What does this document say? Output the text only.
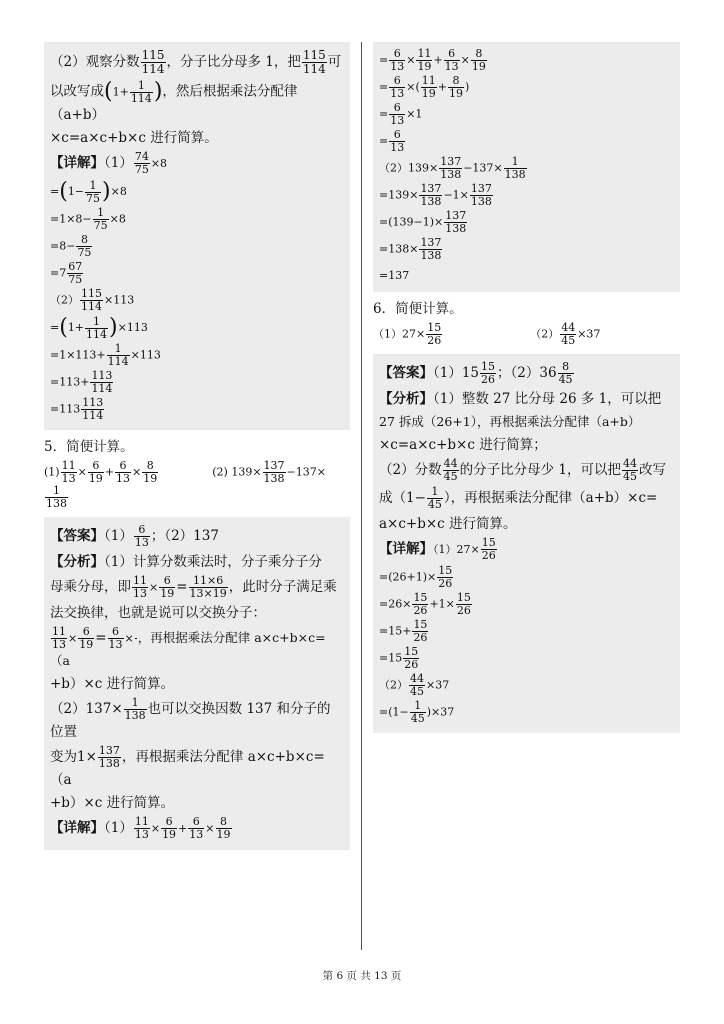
（2）观察分数 $\frac{115}{114}$ ，分子比分母多 1，把 $\frac{115}{114}$ 可
以改写成($1+ \frac{1}{114}$ )，然后根据乘法分配律（a+b）
×c=a×c+b×c 进行简算。
【详解】$(1) \frac{74}{75} \times 8$
$=(1- \frac{1}{75} )\times 8$
$=1\times 8- \frac{1}{75} \times 8$
$=8- \frac{8}{75}$
$=7 \frac{67}{75}$
$(2) \frac{115}{114} \times 113$
$=(1+ \frac{1}{114} )\times 113$
$=1\times 113+ \frac{1}{114} \times 113$
$=113+ \frac{113}{114}$
$=113 \frac{113}{114}$
5．简便计算。
$(1) \frac{11}{13} \times \frac{6}{19} + \frac{6}{13} \times \frac{8}{19}$	(2) $139\times \frac{137}{138} -137\times$
$\frac{1}{138}$
【答案】$(1) \frac{6}{13}$ ；（2）137
【分析】（1）计算分数乘法时，分子乘分子分
母乘分母，即 $\frac{11}{13} \times \frac{6}{19} = \frac{11\times 6}{13\times 19}$ ，此时分子满足乘
法交换律，也就是说可以交换分子：
$\frac{11}{13} \times \frac{6}{19} = \frac{6}{13}$ × ，再根据乘法分配律 a×c+b×c=（a
+b）×c 进行简算。
$(2)137\times \frac{1}{138}$ 也可以交换因数 137 和分子的位置
变为$1\times \frac{137}{138}$ ，再根据乘法分配律 a×c+b×c=（a
+b）×c 进行简算。
【详解】$(1) \frac{11}{13} \times \frac{6}{19} + \frac{6}{13} \times \frac{8}{19}$
= $\frac{6}{13} \times \frac{11}{19} + \frac{6}{13} \times \frac{8}{19}$
= $\frac{6}{13}$ ×( $\frac{11}{19} + \frac{8}{19}$ )
= $\frac{6}{13} \times 1$
= $\frac{6}{13}$
$(2)139\times \frac{137}{138} -137\times \frac{1}{138}$
$=139\times \frac{137}{138} -1\times \frac{137}{138}$
$=(139-1)\times \frac{137}{138}$
$=138\times \frac{137}{138}$
=137
6．简便计算。
$(1)27\times \frac{15}{26}$	$(2) \frac{44}{45} \times 37$
【答案】$(1)15 \frac{15}{26}$ ；$(2)36 \frac{8}{45}$
【分析】（1）整数 27 比分母 26 多 1，可以把
27 拆成（26+1），再根据乘法分配律（a+b）
×c=a×c+b×c 进行简算；
（2）分数 $\frac{44}{45}$ 的分子比分母少 1，可以把 $\frac{44}{45}$ 改写
成（$1- \frac{1}{45}$ ），再根据乘法分配律（a+b）×c=
a×c+b×c 进行简算。
【详解】$(1)27\times \frac{15}{26}$
$=(26+1)\times \frac{15}{26}$
$=26\times \frac{15}{26} +1\times \frac{15}{26}$
$=15+ \frac{15}{26}$
$=15 \frac{15}{26}$
$(2) \frac{44}{45} \times 37$
$=(1- \frac{1}{45} )\times 37$
第 6 页 共 13 页
